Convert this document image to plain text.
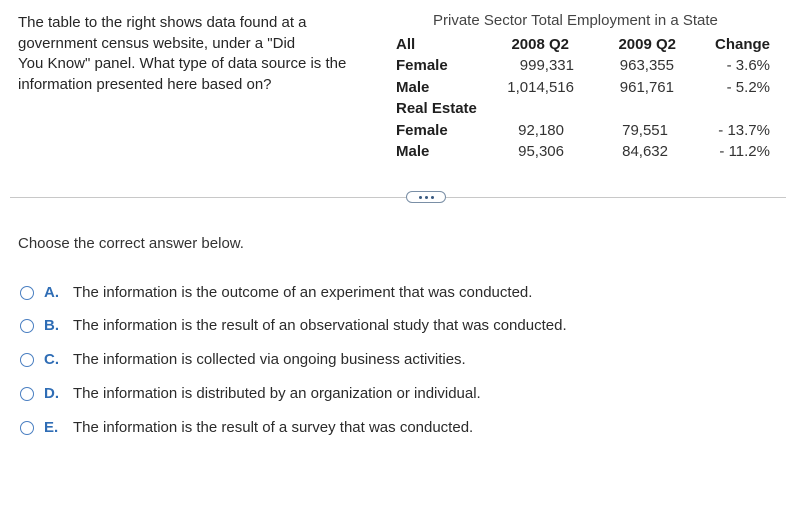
The table to the right shows data found at a
government census website, under a "Did
You Know" panel. What type of data source is the
information presented here based on?
Private Sector Total Employment in a State
All	2008 Q2	2009 Q2	Change
Female	999,331	963,355	- 3.6%
Male	1,014,516	961,761	- 5.2%
Real Estate
Female	92,180	79,551	- 13.7%
Male	95,306	84,632	- 11.2%
Choose the correct answer below.
A. The information is the outcome of an experiment that was conducted.
B. The information is the result of an observational study that was conducted.
C. The information is collected via ongoing business activities.
D. The information is distributed by an organization or individual.
E. The information is the result of a survey that was conducted.
